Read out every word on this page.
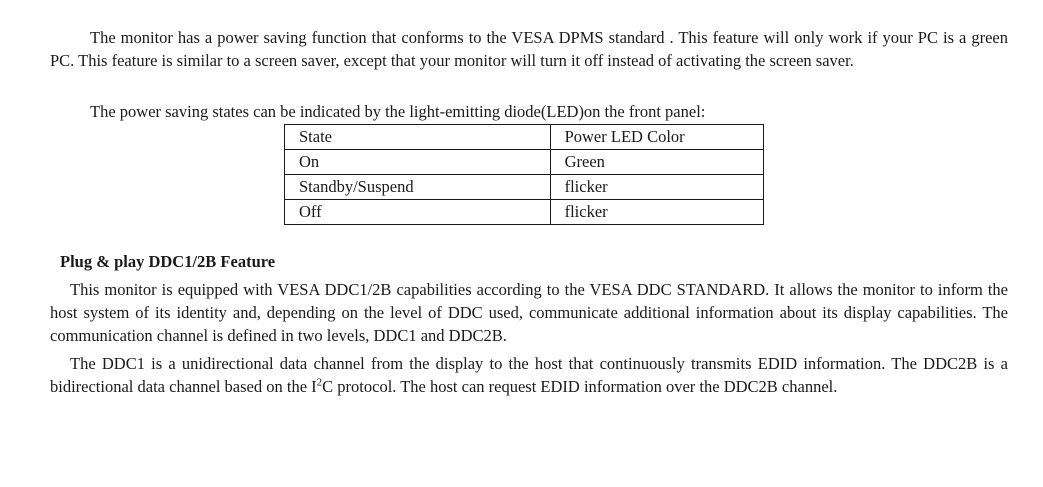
The monitor has a power saving function that conforms to the VESA DPMS standard . This feature will only work if your PC is a green PC. This feature is similar to a screen saver, except that your monitor will turn it off instead of activating the screen saver.

The power saving states can be indicated by the light-emitting diode(LED)on the front panel:

State	Power LED Color
On	Green
Standby/Suspend	flicker
Off	flicker
Plug & play DDC1/2B Feature

This monitor is equipped with VESA DDC1/2B capabilities according to the VESA DDC STANDARD. It allows the monitor to inform the host system of its identity and, depending on the level of DDC used, communicate additional information about its display capabilities. The communication channel is defined in two levels, DDC1 and DDC2B.

The DDC1 is a unidirectional data channel from the display to the host that continuously transmits EDID information. The DDC2B is a bidirectional data channel based on the $I^2C$ protocol. The host can request EDID information over the DDC2B channel.
